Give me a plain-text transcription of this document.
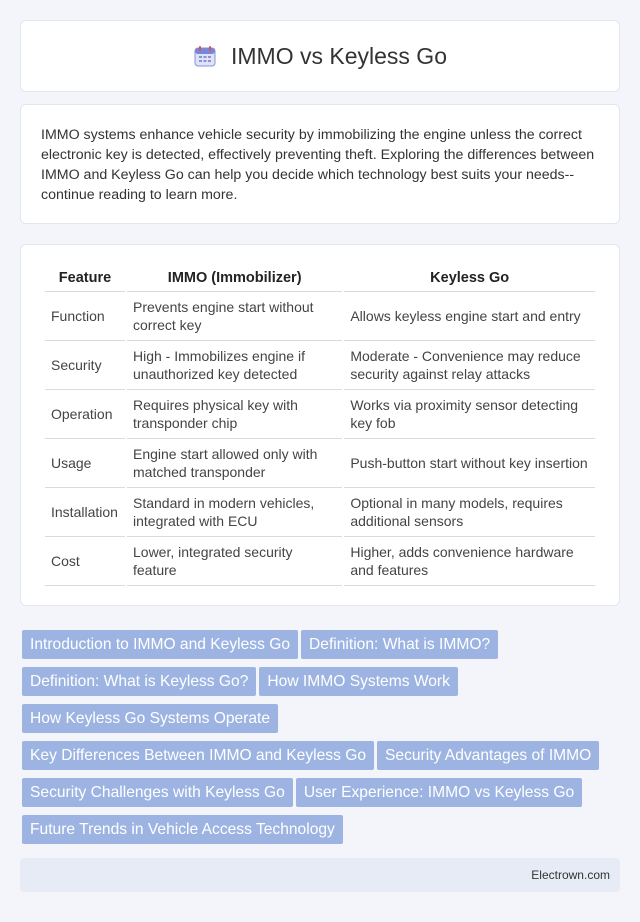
IMMO vs Keyless Go

IMMO systems enhance vehicle security by immobilizing the engine unless the correct electronic key is detected, effectively preventing theft. Exploring the differences between IMMO and Keyless Go can help you decide which technology best suits your needs--continue reading to learn more.

Feature	IMMO (Immobilizer)	Keyless Go
Function	Prevents engine start without correct key	Allows keyless engine start and entry
Security	High - Immobilizes engine if unauthorized key detected	Moderate - Convenience may reduce security against relay attacks
Operation	Requires physical key with transponder chip	Works via proximity sensor detecting key fob
Usage	Engine start allowed only with matched transponder	Push-button start without key insertion
Installation	Standard in modern vehicles, integrated with ECU	Optional in many models, requires additional sensors
Cost	Lower, integrated security feature	Higher, adds convenience hardware and features
Introduction to IMMO and Keyless Go Definition: What is IMMO?
Definition: What is Keyless Go? How IMMO Systems Work
How Keyless Go Systems Operate
Key Differences Between IMMO and Keyless Go Security Advantages of IMMO
Security Challenges with Keyless Go User Experience: IMMO vs Keyless Go
Future Trends in Vehicle Access Technology
Electrown.com
